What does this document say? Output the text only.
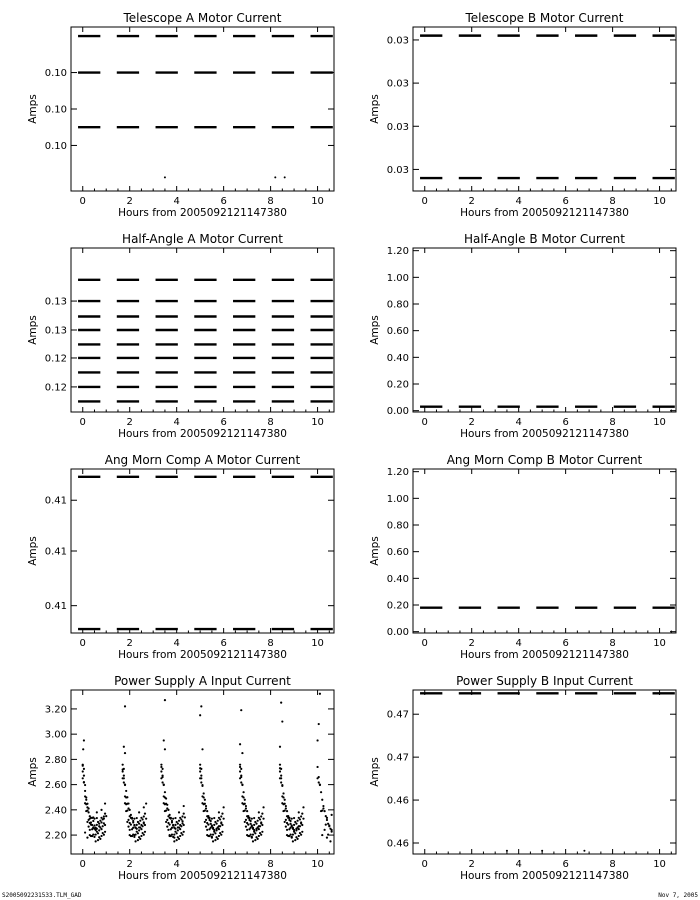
Telescope A Motor Current
0	2	4	6	8	10
Hours from 2005092121147380
0.10
0.10
0.10
Amps
Telescope B Motor Current
0	2	4	6	8	10
Hours from 2005092121147380
0.03
0.03
0.03
0.03
Amps
Half-Angle A Motor Current
0	2	4	6	8	10
Hours from 2005092121147380
0.12
0.12
0.13
0.13
Amps
Half-Angle B Motor Current
0	2	4	6	8	10
Hours from 2005092121147380
0.00
0.20
0.40
0.60
0.80
1.00
1.20
Amps
Ang Morn Comp A Motor Current
0	2	4	6	8	10
Hours from 2005092121147380
0.41
0.41
0.41
Amps
Ang Morn Comp B Motor Current
0	2	4	6	8	10
Hours from 2005092121147380
0.00
0.20
0.40
0.60
0.80
1.00
1.20
Amps
Power Supply A Input Current
0	2	4	6	8	10
Hours from 2005092121147380
2.20
2.40
2.60
2.80
3.00
3.20
Amps
Power Supply B Input Current
0	2	4	6	8	10
Hours from 2005092121147380
0.46
0.46
0.47
0.47
Amps
S2005092231533.TLM_GAD	Nov 7, 2005
